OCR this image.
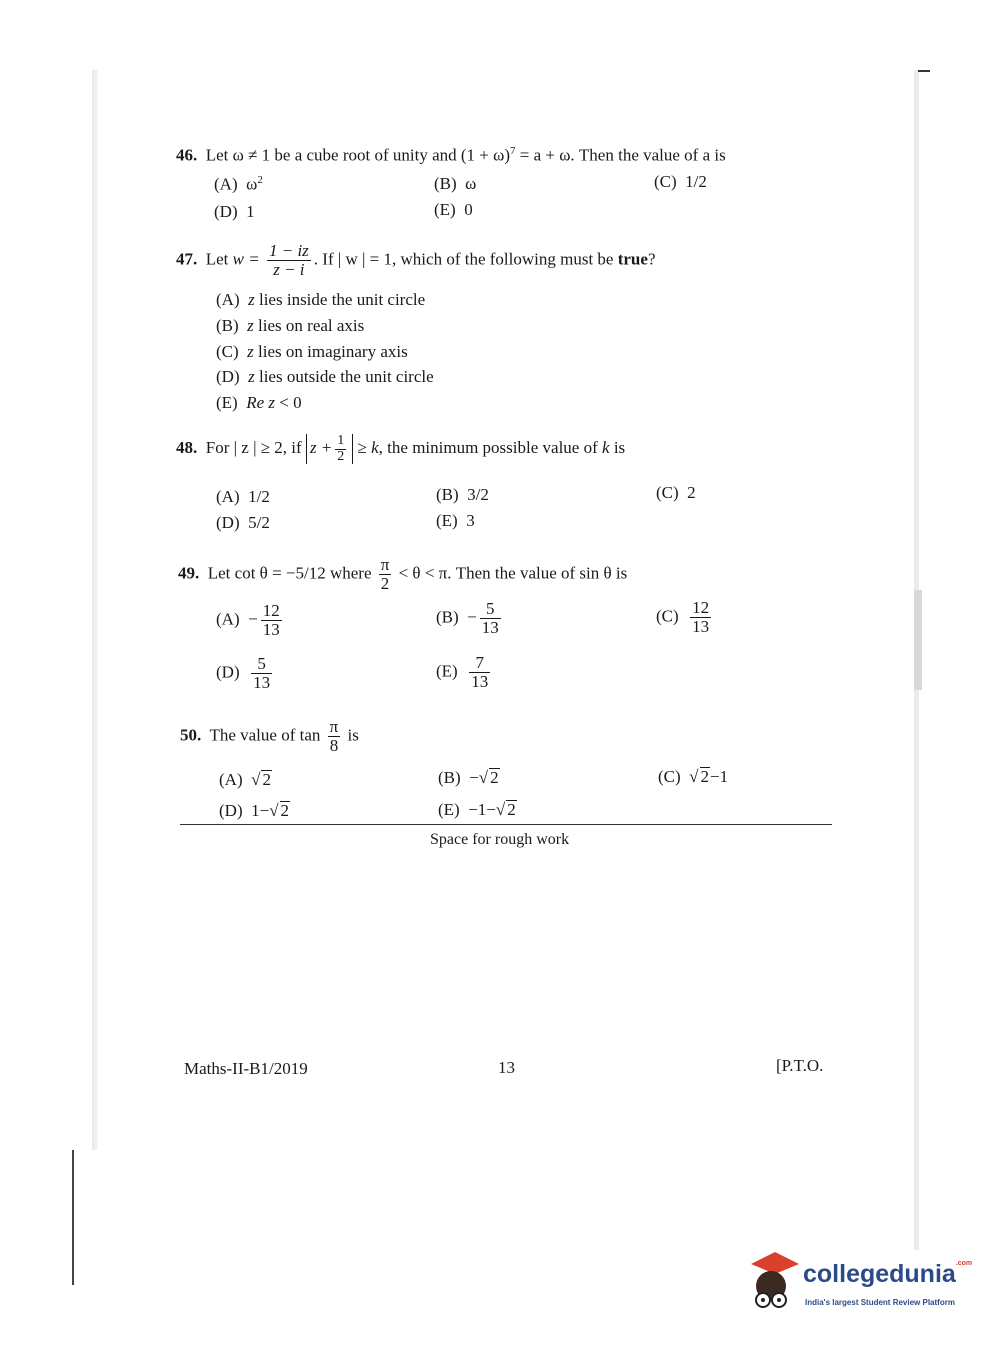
46. Let ω ≠ 1 be a cube root of unity and $(1 + \omega)^7 = a + \omega$. Then the value of a is
(A) $\omega^2$	(B) ω	(C) 1/2
(D) 1	(E) 0
47. Let $w = \frac{1 - iz}{z - i}$ . If | w | = 1, which of the following must be true?
(A) z lies inside the unit circle
(B) z lies on real axis
(C) z lies on imaginary axis
(D) z lies outside the unit circle
(E) Re z < 0
48. For | z | ≥ 2, if $z + \frac{1}{2} \ge k$, the minimum possible value of k is
(A) 1/2	(B) 3/2	(C) 2
(D) 5/2	(E) 3
49. Let cot θ = −5/12 where $\frac{\pi}{2} < \theta < \pi$. Then the value of sin θ is
$(A) - \frac{12}{13}$	$(B) - \frac{5}{13}$	$(C) \frac{12}{13}$
$(D) \frac{5}{13}$	$(E) \frac{7}{13}$
50. The value of $\tan \frac{\pi}{8}$ is
(A) √ 2	(B) −√ 2	(C) √ 2−1
(D) 1−√ 2	(E) −1−√ 2
Space for rough work
Maths-II-B1/2019	13	[P.T.O.
collegedunia$^{.com}$
India's largest Student Review Platform
